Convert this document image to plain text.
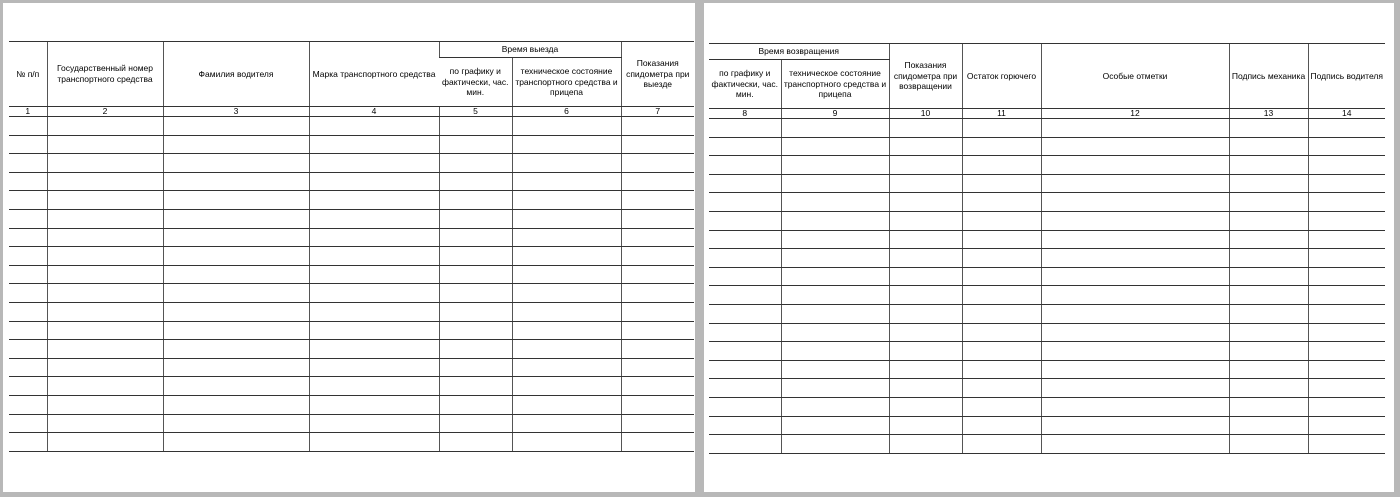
№ п/п	Государственный номер транспортного средства	Фамилия водителя	Марка транспортного средства	Время выезда		Показания спидометра при выезде
				по графику и фактически, час. мин.	техническое состояние транспортного средства и прицепа	
1	2	3	4	5	6	7

Время возвращения		Показания спидометра при возвращении	Остаток горючего	Особые отметки	Подпись механика	Подпись водителя
по графику и фактически, час. мин.	техническое состояние транспортного средства и прицепа					
8	9	10	11	12	13	14
